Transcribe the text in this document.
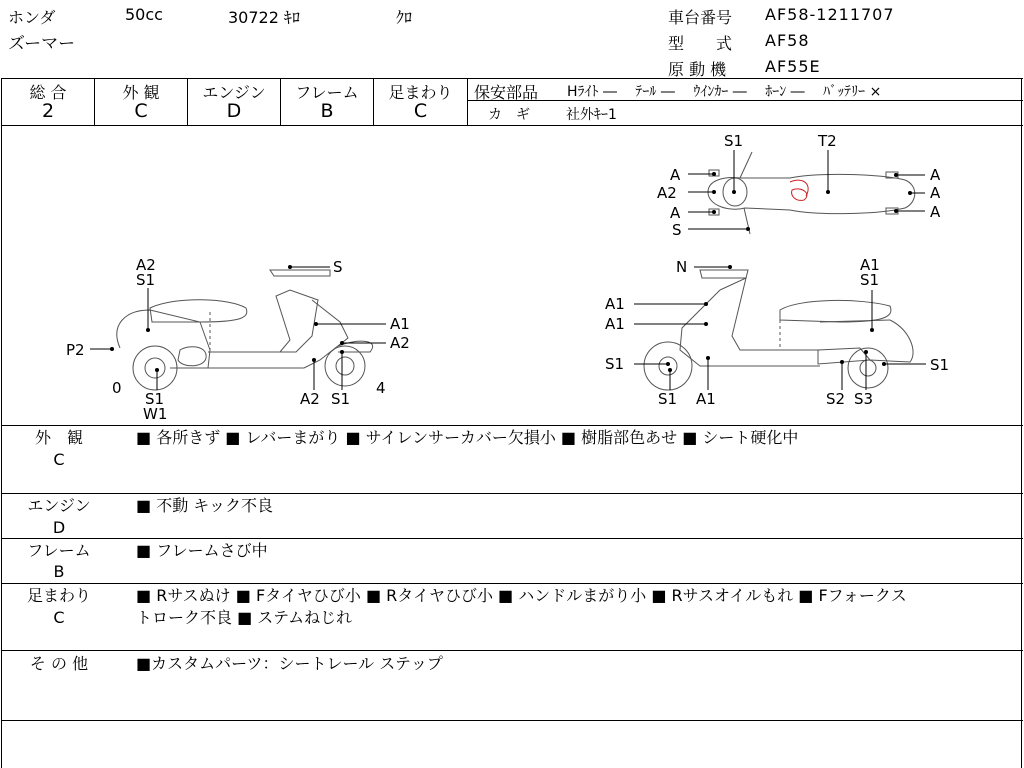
ホンダ	50cc	30722 ｷﾛ	ｸﾛ
ズーマー
車台番号 AF58-1211707
型　　式 AF58
原 動 機 AF55E
総 合	外 観	エンジン	フレーム	足まわり
2	C	D	B	C
保安部品 Hﾗｲﾄ ―　 ﾃｰﾙ ―　 ｳｲﾝｶｰ ―　 ﾎｰﾝ ―　 ﾊﾞｯﾃﾘｰ ×
カ　ギ	社外ｷｰ1
S1	T2
A
A2
A
S
A
A
A
A2
S1
S
A1
A2
P2
0
S1
W1
A2 S1
4
N	A1
S1
A1
A1
S1	S1
S1 A1	S2 S3
外　観
C
■ 各所きず ■ レバーまがり ■ サイレンサーカバー欠損小 ■ 樹脂部色あせ ■ シート硬化中
エンジン
D
■ 不動 キック不良
フレーム
B
■ フレームさび中
足まわり
C
■ Rサスぬけ ■ Fタイヤひび小 ■ Rタイヤひび小 ■ ハンドルまがり小 ■ Rサスオイルもれ ■ Fフォークス
トローク不良 ■ ステムねじれ
そ の 他	■カスタムパーツ：シートレール ステップ
